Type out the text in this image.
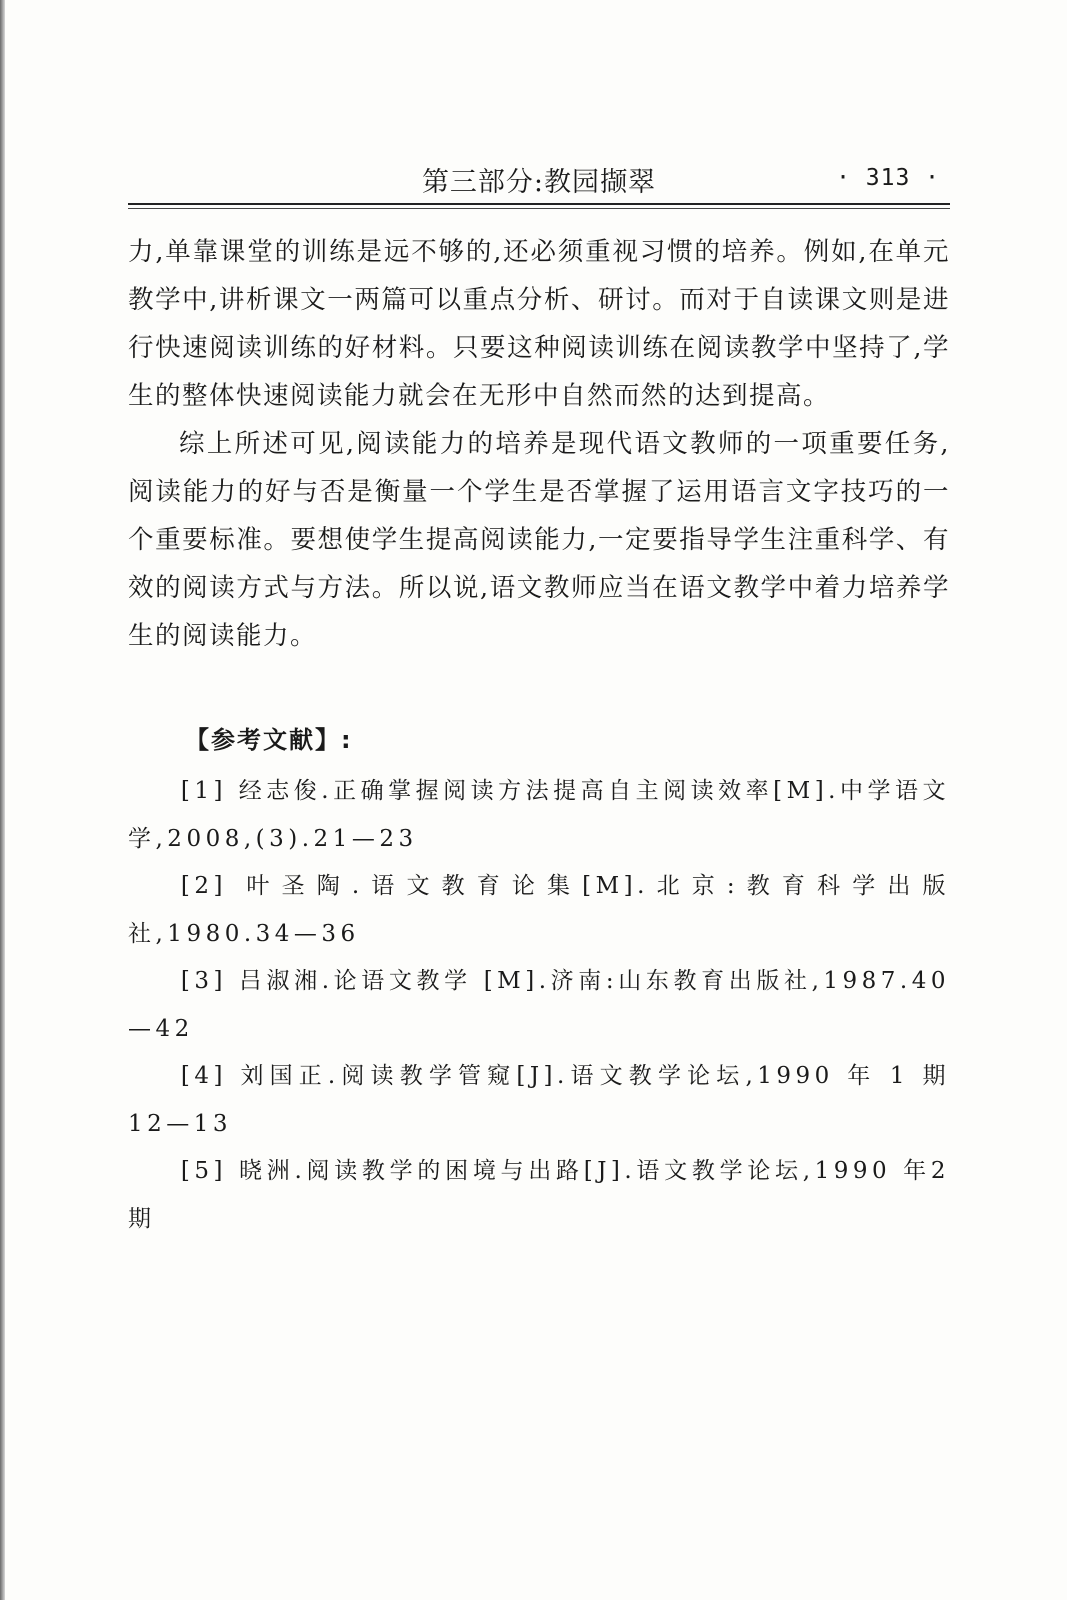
第三部分:教园撷翠	· 313 ·

力,单靠课堂的训练是远不够的,还必须重视习惯的培养。例如,在单元教学中,讲析课文一两篇可以重点分析、研讨。而对于自读课文则是进行快速阅读训练的好材料。只要这种阅读训练在阅读教学中坚持了,学生的整体快速阅读能力就会在无形中自然而然的达到提高。

综上所述可见,阅读能力的培养是现代语文教师的一项重要任务,阅读能力的好与否是衡量一个学生是否掌握了运用语言文字技巧的一个重要标准。要想使学生提高阅读能力,一定要指导学生注重科学、有效的阅读方式与方法。所以说,语文教师应当在语文教学中着力培养学生的阅读能力。

【参考文献】:

[1] 经志俊.正确掌握阅读方法提高自主阅读效率[M].中学语文学,2008,(3).21—23

[2] 叶圣陶.语文教育论集[M].北京:教育科学出版社,1980.34—36

[3] 吕淑湘.论语文教学 [M].济南:山东教育出版社,1987.40—42

[4] 刘国正.阅读教学管窥[J].语文教学论坛,1990 年 1 期12—13

[5] 晓洲.阅读教学的困境与出路[J].语文教学论坛,1990 年2 期
